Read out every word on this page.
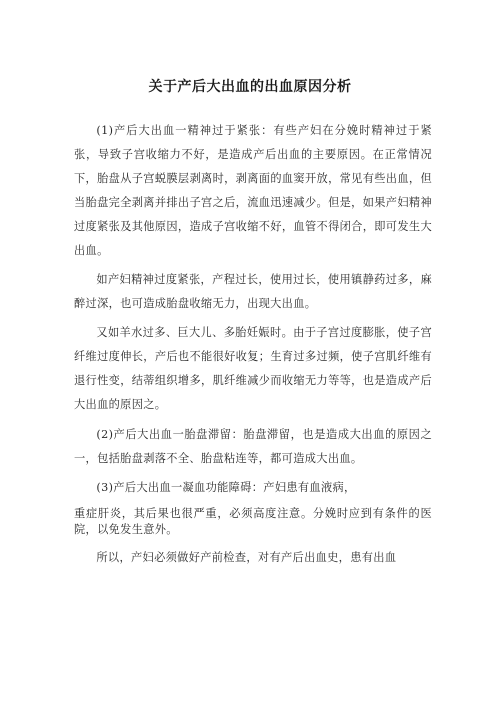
关于产后大出血的出血原因分析

(1)产后大出血一精神过于紧张：有些产妇在分娩时精神过于紧张，导致子宫收缩力不好，是造成产后出血的主要原因。在正常情况下，胎盘从子宫蜕膜层剥离时，剥离面的血窦开放，常见有些出血，但当胎盘完全剥离并排出子宫之后，流血迅速减少。但是，如果产妇精神过度紧张及其他原因，造成子宫收缩不好，血管不得闭合，即可发生大出血。

如产妇精神过度紧张，产程过长，使用过长，使用镇静药过多，麻醉过深，也可造成胎盘收缩无力，出现大出血。

又如羊水过多、巨大儿、多胎妊娠时。由于子宫过度膨胀，使子宫纤维过度伸长，产后也不能很好收复；生育过多过频，使子宫肌纤维有退行性变，结蒂组织增多，肌纤维减少而收缩无力等等，也是造成产后大出血的原因之。

(2)产后大出血一胎盘滞留：胎盘滞留，也是造成大出血的原因之一，包括胎盘剥落不全、胎盘粘连等，都可造成大出血。

(3)产后大出血一凝血功能障碍：产妇患有血液病，

重症肝炎，其后果也很严重，必须高度注意。分娩时应到有条件的医院，以免发生意外。

所以，产妇必须做好产前检查，对有产后出血史，患有出血
